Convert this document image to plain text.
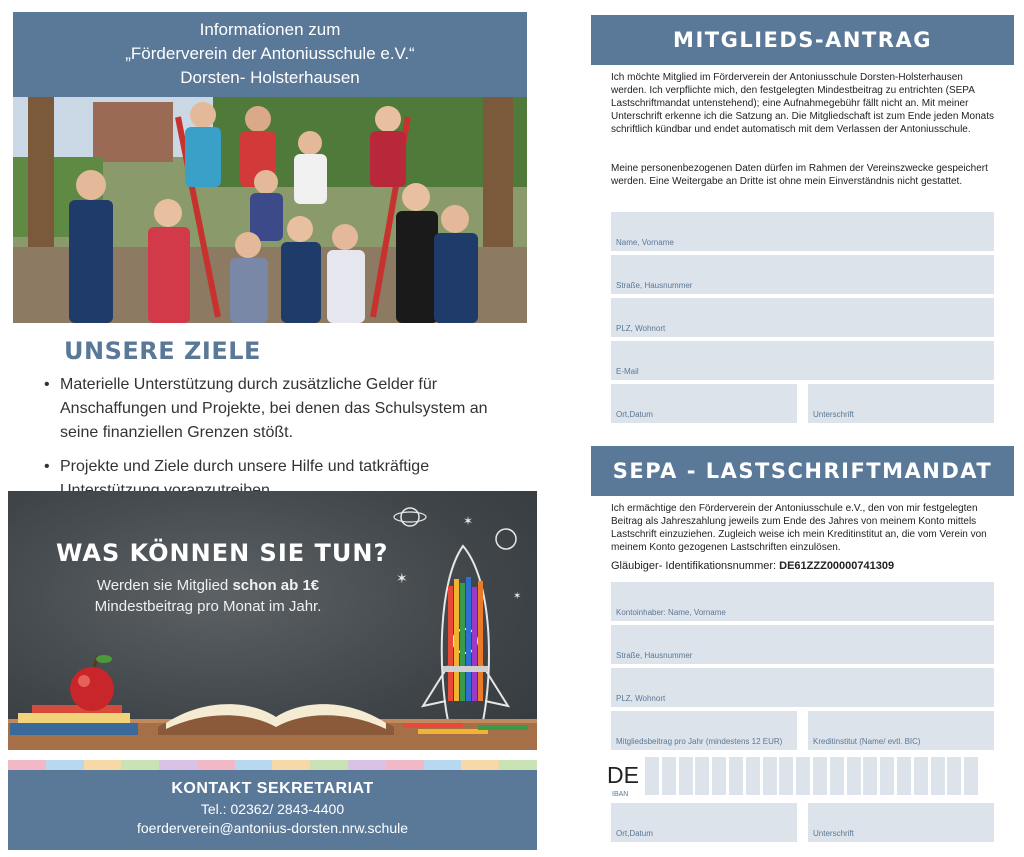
Informationen zum
„Förderverein der Antoniusschule e.V.“
Dorsten- Holsterhausen
UNSERE ZIELE
• Materielle Unterstützung durch zusätzliche Gelder für Anschaffungen und Projekte, bei denen das Schulsystem an seine finanziellen Grenzen stößt.
• Projekte und Ziele durch unsere Hilfe und tatkräftige
✶
✶
✶
WAS KÖNNEN SIE TUN?
Werden sie Mitglied schon ab 1€
Mindestbeitrag pro Monat im Jahr.
KONTAKT SEKRETARIAT
Tel.: 02362/ 2843-4400
foerderverein@antonius-dorsten.nrw.schule
MITGLIEDS-ANTRAG
Ich möchte Mitglied im Förderverein der Antoniusschule Dorsten-Holsterhausen werden. Ich verpflichte mich, den festgelegten Mindestbeitrag zu entrichten (SEPA Lastschriftmandat untenstehend); eine Aufnahmegebühr fällt nicht an. Mit meiner Unterschrift erkenne ich die Satzung an. Die Mitgliedschaft ist zum Ende jeden Monats schriftlich kündbar und endet automatisch mit dem Verlassen der Antoniusschule.
Meine personenbezogenen Daten dürfen im Rahmen der Vereinszwecke gespeichert werden. Eine Weitergabe an Dritte ist ohne mein Einverständnis nicht gestattet.
Name, Vorname
Straße, Hausnummer
PLZ, Wohnort
E-Mail
Ort,Datum	Unterschrift
SEPA - LASTSCHRIFTMANDAT
Ich ermächtige den Förderverein der Antoniusschule e.V., den von mir festgelegten Beitrag als Jahreszahlung jeweils zum Ende des Jahres von meinem Konto mittels Lastschrift einzuziehen. Zugleich weise ich mein Kreditinstitut an, die vom Verein von meinem Konto gezogenen Lastschriften einzulösen.
Gläubiger- Identifikationsnummer: DE61ZZZ00000741309
Kontoinhaber: Name, Vorname
Straße, Hausnummer
PLZ, Wohnort
Mitgliedsbeitrag pro Jahr (mindestens 12 EUR)	Kreditinstitut (Name/ evtl. BIC)
DE
IBAN
Ort,Datum	Unterschrift
